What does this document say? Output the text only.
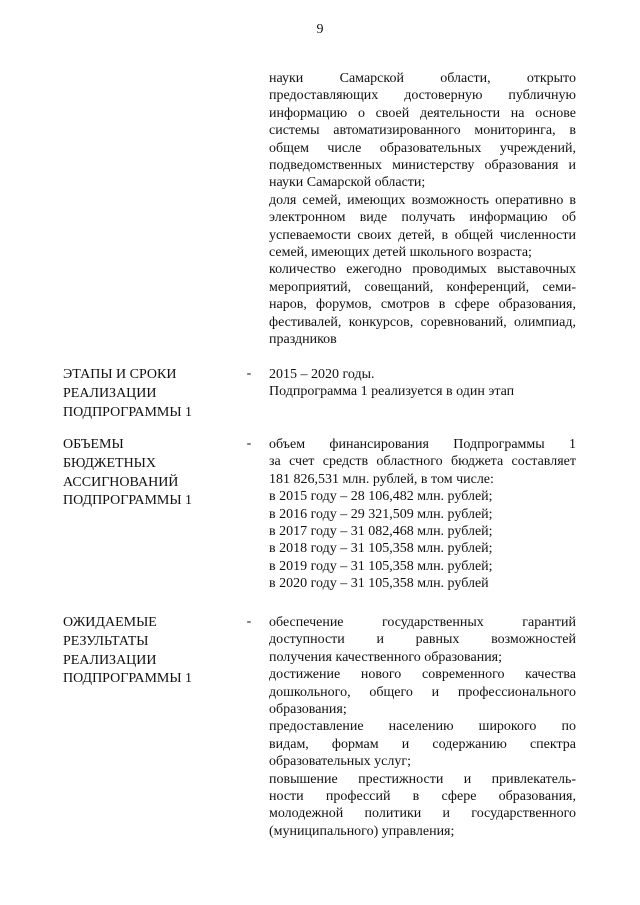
9
науки Самарской области, открыто
предоставляющих достоверную публичную
информацию о своей деятельности на основе
системы автоматизированного мониторинга, в
общем числе образовательных учреждений,
подведомственных министерству образования и
науки Самарской области;
доля семей, имеющих возможность оперативно в
электронном виде получать информацию об
успеваемости своих детей, в общей численности
семей, имеющих детей школьного возраста;
количество ежегодно проводимых выставочных
мероприятий, совещаний, конференций, семи-
наров, форумов, смотров в сфере образования,
фестивалей, конкурсов, соревнований, олимпиад,
праздников
ЭТАПЫ И СРОКИ
РЕАЛИЗАЦИИ
ПОДПРОГРАММЫ 1
- 2015 – 2020 годы.
Подпрограмма 1 реализуется в один этап
ОБЪЕМЫ
БЮДЖЕТНЫХ
АССИГНОВАНИЙ
ПОДПРОГРАММЫ 1
- объем финансирования Подпрограммы 1
за счет средств областного бюджета составляет
181 826,531 млн. рублей, в том числе:
в 2015 году – 28 106,482 млн. рублей;
в 2016 году – 29 321,509 млн. рублей;
в 2017 году – 31 082,468 млн. рублей;
в 2018 году – 31 105,358 млн. рублей;
в 2019 году – 31 105,358 млн. рублей;
в 2020 году – 31 105,358 млн. рублей
ОЖИДАЕМЫЕ
РЕЗУЛЬТАТЫ
РЕАЛИЗАЦИИ
ПОДПРОГРАММЫ 1
- обеспечение государственных гарантий
доступности и равных возможностей
получения качественного образования;
достижение нового современного качества
дошкольного, общего и профессионального
образования;
предоставление населению широкого по
видам, формам и содержанию спектра
образовательных услуг;
повышение престижности и привлекатель-
ности профессий в сфере образования,
молодежной политики и государственного
(муниципального) управления;
